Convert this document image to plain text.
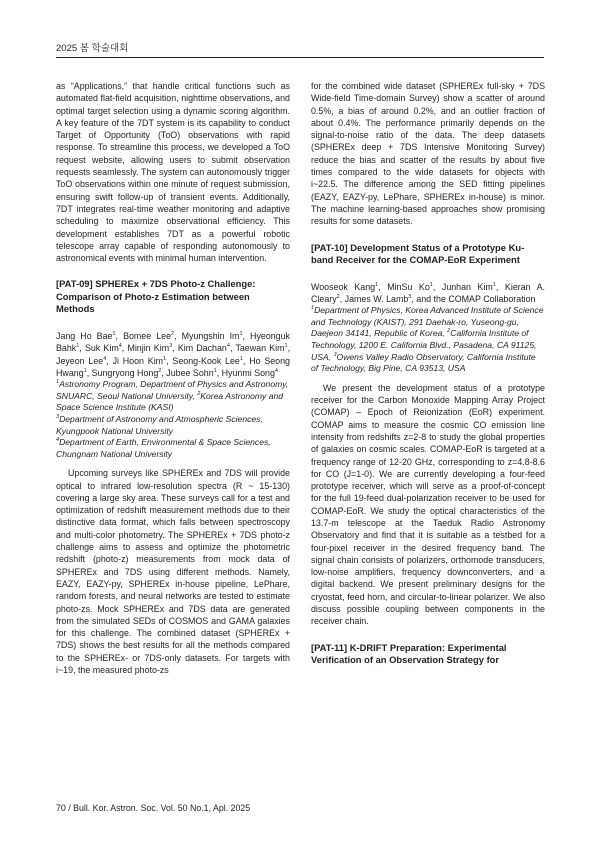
2025 봄 학술대회

as “Applications,” that handle critical functions such as automated flat-field acquisition, nighttime observations, and optimal target selection using a dynamic scoring algorithm. A key feature of the 7DT system is its capability to conduct Target of Opportunity (ToO) observations with rapid response. To streamline this process, we developed a ToO request website, allowing users to submit observation requests seamlessly. The system can autonomously trigger ToO observations within one minute of request submission, ensuring swift follow-up of transient events. Additionally, 7DT integrates real-time weather monitoring and adaptive scheduling to maximize observational efficiency. This development establishes 7DT as a powerful robotic telescope array capable of responding autonomously to astronomical events with minimal human intervention.

[PAT-09] SPHEREx + 7DS Photo-z Challenge: Comparison of Photo-z Estimation between Methods

Jang Ho Bae$^1$, Bomee Lee$^2$, Myungshin Im$^1$, Hyeonguk Bahk$^1$, Suk Kim$^4$, Minjin Kim$^3$, Kim Dachan$^4$, Taewan Kim$^1$, Jeyeon Lee$^4$, Ji Hoon Kim$^1$, Seong-Kook Lee$^1$, Ho Seong Hwang$^1$, Sungryong Hong$^2$, Jubee Sohn$^1$, Hyunmi Song$^4$

$^1$Astronomy Program, Department of Physics and Astronomy, SNUARC, Seoul National University, $^2$Korea Astronomy and Space Science Institute (KASI)
$^3$Department of Astronomy and Atmospheric Sciences, Kyungpook National University
$^4$Department of Earth, Environmental & Space Sciences, Chungnam National University

Upcoming surveys like SPHEREx and 7DS will provide optical to infrared low-resolution spectra (R ~ 15-130) covering a large sky area. These surveys call for a test and optimization of redshift measurement methods due to their distinctive data format, which falls between spectroscopy and multi-color photometry. The SPHEREx + 7DS photo-z challenge aims to assess and optimize the photometric redshift (photo-z) measurements from mock data of SPHEREx and 7DS using different methods. Namely, EAZY, EAZY-py, SPHEREx in-house pipeline, LePhare, random forests, and neural networks are tested to estimate photo-zs. Mock SPHEREx and 7DS data are generated from the simulated SEDs of COSMOS and GAMA galaxies for this challenge. The combined dataset (SPHEREx + 7DS) shows the best results for all the methods compared to the SPHEREx- or 7DS-only datasets. For targets with i~19, the measured photo-zs

for the combined wide dataset (SPHEREx full-sky + 7DS Wide-field Time-domain Survey) show a scatter of around 0.5%, a bias of around 0.2%, and an outlier fraction of about 0.4%. The performance primarily depends on the signal-to-noise ratio of the data. The deep datasets (SPHEREx deep + 7DS Intensive Monitoring Survey) reduce the bias and scatter of the results by about five times compared to the wide datasets for objects with i~22.5. The difference among the SED fitting pipelines (EAZY, EAZY-py, LePhare, SPHEREx in-house) is minor. The machine learning-based approaches show promising results for some datasets.

[PAT-10] Development Status of a Prototype Ku-band Receiver for the COMAP-EoR Experiment

Wooseok Kang$^1$, MinSu Ko$^1$, Junhan Kim$^1$, Kieran A. Cleary$^2$, James W. Lamb$^3$, and the COMAP Collaboration

$^1$Department of Physics, Korea Advanced Institute of Science and Technology (KAIST), 291 Daehak-ro, Yuseong-gu, Daejeon 34141, Republic of Korea, $^2$California Institute of Technology, 1200 E. California Blvd., Pasadena, CA 91125, USA, $^3$Owens Valley Radio Observatory, California Institute of Technology, Big Pine, CA 93513, USA

We present the development status of a prototype receiver for the Carbon Monoxide Mapping Array Project (COMAP) – Epoch of Reionization (EoR) experiment. COMAP aims to measure the cosmic CO emission line intensity from redshifts z=2-8 to study the global properties of galaxies on cosmic scales. COMAP-EoR is targeted at a frequency range of 12-20 GHz, corresponding to z=4.8-8.6 for CO (J=1-0). We are currently developing a four-feed prototype receiver, which will serve as a proof-of-concept for the full 19-feed dual-polarization receiver to be used for COMAP-EoR. We study the optical characteristics of the 13.7-m telescope at the Taeduk Radio Astronomy Observatory and find that it is suitable as a testbed for a four-pixel receiver in the desired frequency band. The signal chain consists of polarizers, orthomode transducers, low-noise amplifiers, frequency downconverters, and a digital backend. We present preliminary designs for the cryostat, feed horn, and circular-to-linear polarizer. We also discuss possible coupling between components in the receiver chain.

[PAT-11] K-DRIFT Preparation: Experimental Verification of an Observation Strategy for

70 / Bull. Kor. Astron. Soc. Vol. 50 No.1, Apl. 2025
